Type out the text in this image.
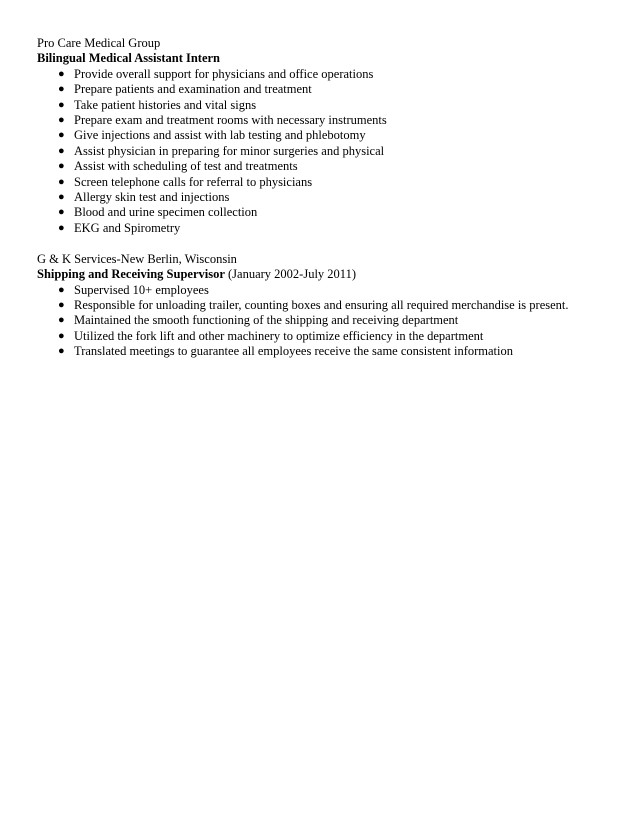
Pro Care Medical Group
Bilingual Medical Assistant Intern
● Provide overall support for physicians and office operations
● Prepare patients and examination and treatment
● Take patient histories and vital signs
● Prepare exam and treatment rooms with necessary instruments
● Give injections and assist with lab testing and phlebotomy
● Assist physician in preparing for minor surgeries and physical
● Assist with scheduling of test and treatments
● Screen telephone calls for referral to physicians
● Allergy skin test and injections
● Blood and urine specimen collection
● EKG and Spirometry
G & K Services-New Berlin, Wisconsin
Shipping and Receiving Supervisor (January 2002-July 2011)
● Supervised 10+ employees
● Responsible for unloading trailer, counting boxes and ensuring all required merchandise is present.
● Maintained the smooth functioning of the shipping and receiving department
● Utilized the fork lift and other machinery to optimize efficiency in the department
● Translated meetings to guarantee all employees receive the same consistent information
